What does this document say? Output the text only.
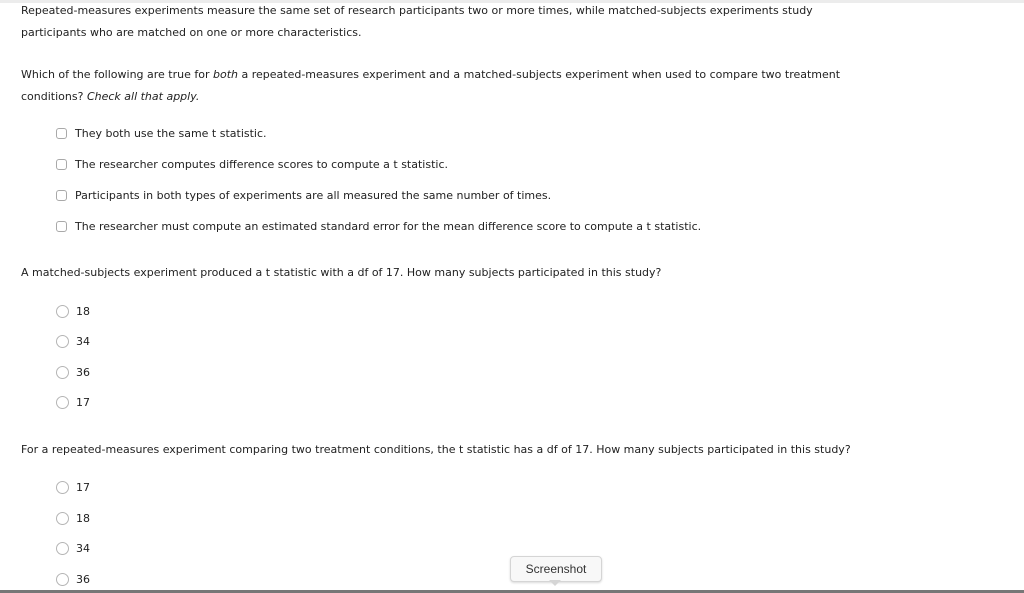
Repeated-measures experiments measure the same set of research participants two or more times, while matched-subjects experiments study
participants who are matched on one or more characteristics.

Which of the following are true for both a repeated-measures experiment and a matched-subjects experiment when used to compare two treatment
conditions? Check all that apply.

They both use the same t statistic.
The researcher computes difference scores to compute a t statistic.
Participants in both types of experiments are all measured the same number of times.
The researcher must compute an estimated standard error for the mean difference score to compute a t statistic.

A matched-subjects experiment produced a t statistic with a df of 17. How many subjects participated in this study?

18
34
36
17

For a repeated-measures experiment comparing two treatment conditions, the t statistic has a df of 17. How many subjects participated in this study?

17
18
34
36
Screenshot
